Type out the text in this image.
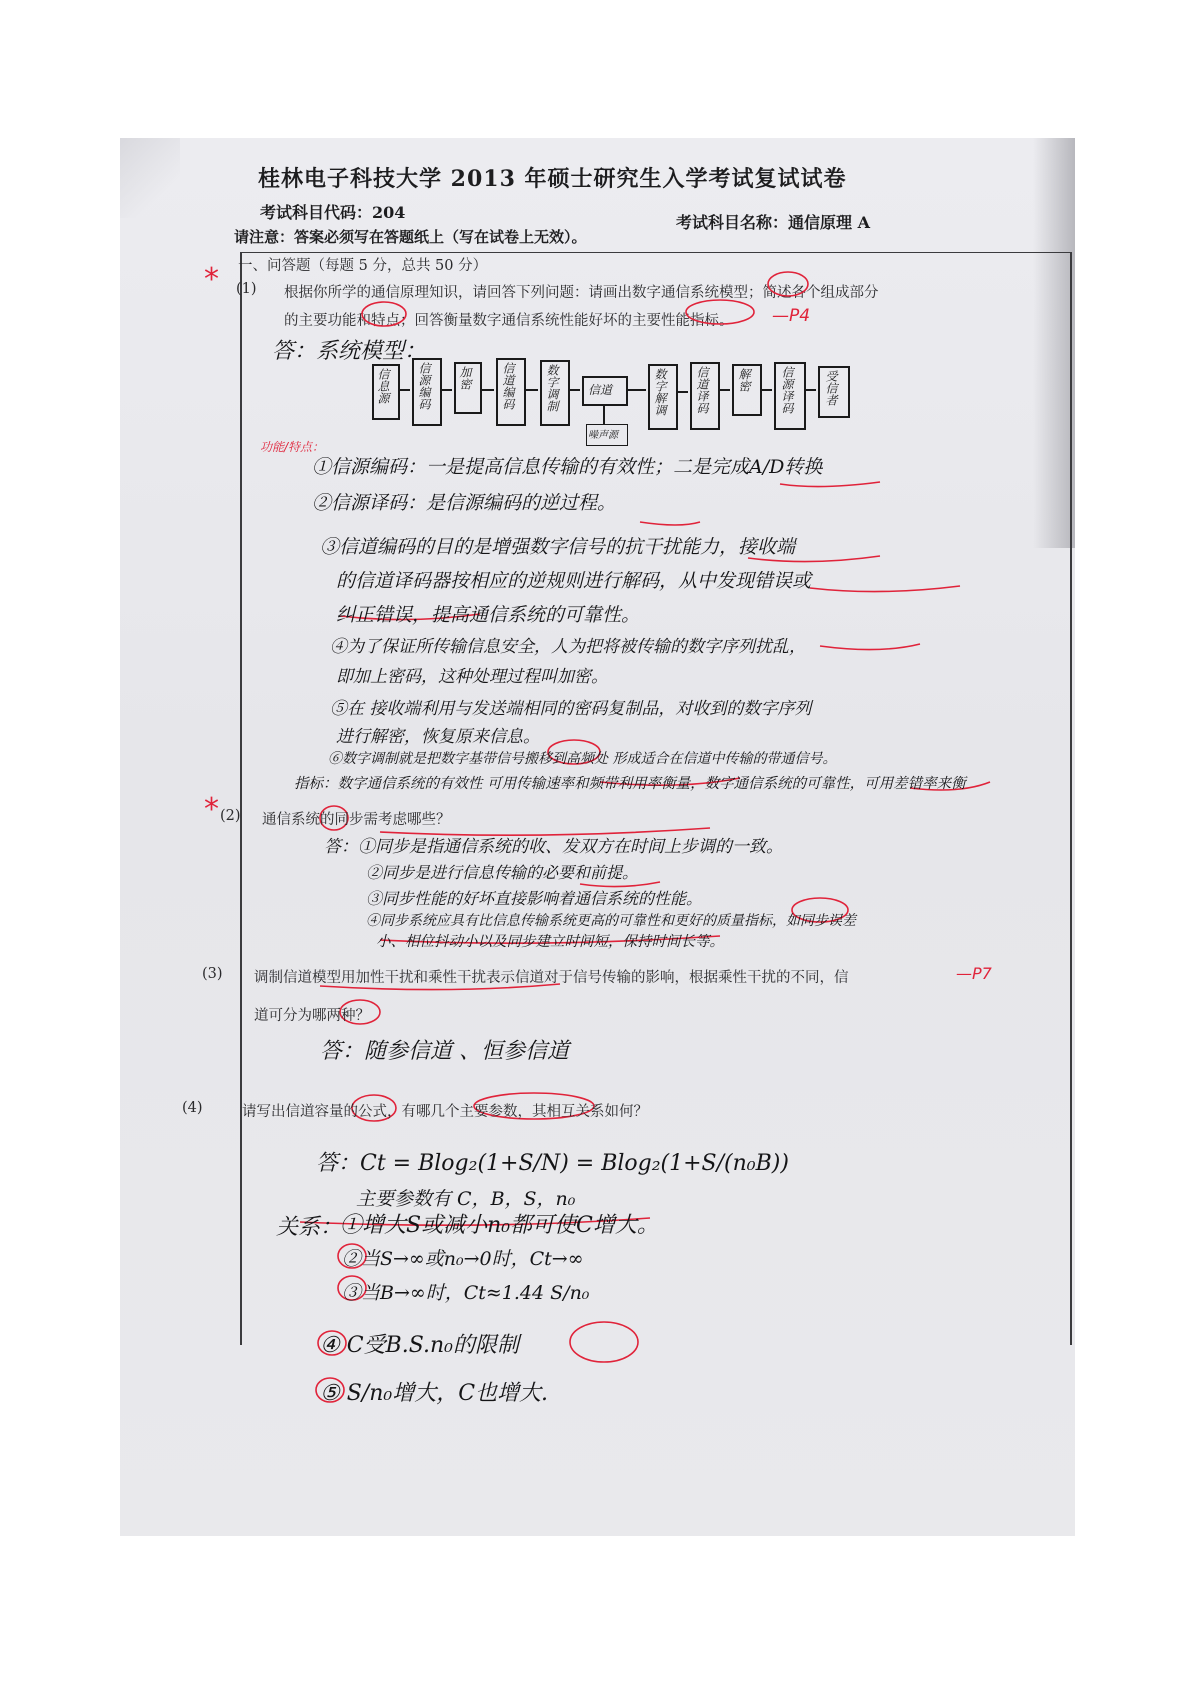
桂林电子科技大学 2013 年硕士研究生入学考试复试试卷
考试科目代码：204
考试科目名称：通信原理 A
请注意：答案必须写在答题纸上（写在试卷上无效）。
一、问答题（每题 5 分，总共 50 分）
* (1) 根据你所学的通信原理知识，请回答下列问题：请画出数字通信系统模型；简述各个组成部分
的主要功能和特点；回答衡量数字通信系统性能好坏的主要性能指标。 —P4
答：系统模型：
信息源 信源编码 加密 信道编码	数字调制 信道	数字解调 信道译码 解密 信源译码	受信者
噪声源
功能/特点：
①信源编码：一是提高信息传输的有效性；二是完成A/D转换
②信源译码：是信源编码的逆过程。
③信道编码的目的是增强数字信号的抗干扰能力，接收端
的信道译码器按相应的逆规则进行解码，从中发现错误或
纠正错误，提高通信系统的可靠性。
④为了保证所传输信息安全，人为把将被传输的数字序列扰乱，
即加上密码，这种处理过程叫加密。
⑤在 接收端利用与发送端相同的密码复制品，对收到的数字序列
进行解密，恢复原来信息。
⑥数字调制就是把数字基带信号搬移到高频处 形成适合在信道中传输的带通信号。
指标：数字通信系统的有效性 可用传输速率和频带利用率衡量，数字通信系统的可靠性，可用差错率来衡
* (2) 通信系统的同步需考虑哪些？
答：①同步是指通信系统的收、发双方在时间上步调的一致。
②同步是进行信息传输的必要和前提。
③同步性能的好坏直接影响着通信系统的性能。
④同步系统应具有比信息传输系统更高的可靠性和更好的质量指标，如同步误差
小、相位抖动小以及同步建立时间短，保持时间长等。
(3) 调制信道模型用加性干扰和乘性干扰表示信道对于信号传输的影响，根据乘性干扰的不同，信	—P7
道可分为哪两种？
答：随参信道 、恒参信道
(4)	请写出信道容量的公式，有哪几个主要参数，其相互关系如何？
答：Ct = Blog₂(1+S/N) = Blog₂(1+S/(n₀B))
主要参数有 C，B，S，n₀
关系：
①增大S或减小n₀都可使C增大。
②当S→∞或n₀→0时，Ct→∞
③当B→∞时，Ct≈1.44 S/n₀
④ C受B.S.n₀的限制
⑤ S/n₀增大，C也增大.
